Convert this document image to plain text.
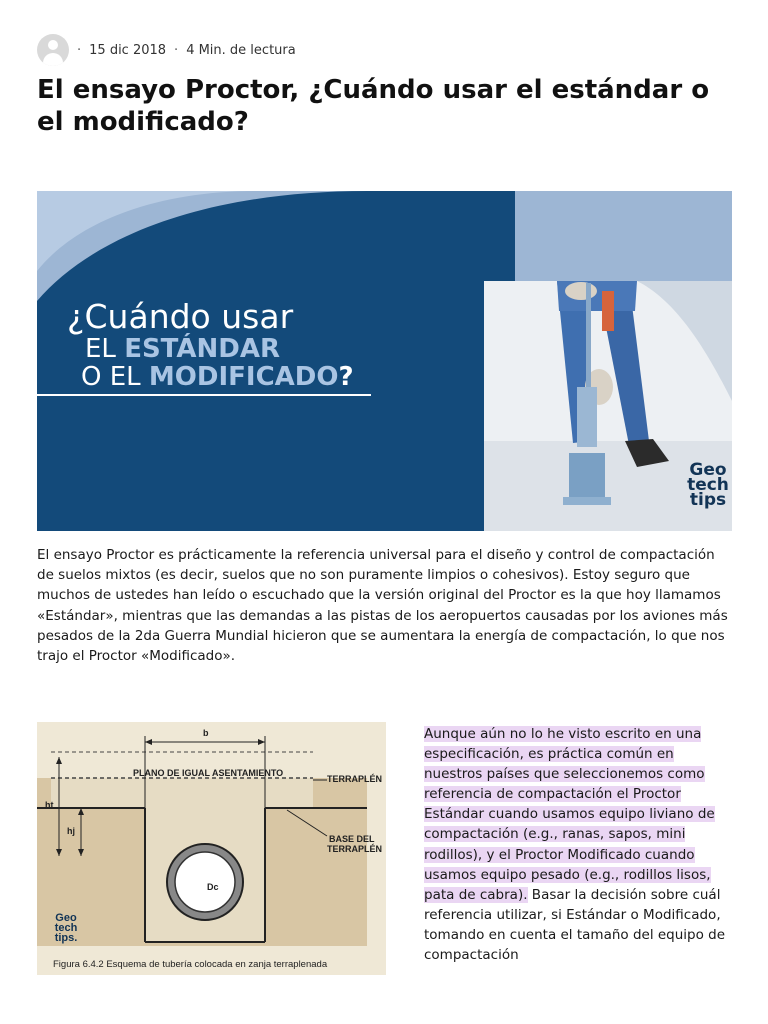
· 15 dic 2018 · 4 Min. de lectura
El ensayo Proctor, ¿Cuándo usar el estándar o el modificado?
¿Cuándo usar
EL ESTÁNDAR
O EL MODIFICADO?
Geo
tech
tips

El ensayo Proctor es prácticamente la referencia universal para el diseño y control de compactación de suelos mixtos (es decir, suelos que no son puramente limpios o cohesivos). Estoy seguro que muchos de ustedes han leído o escuchado que la versión original del Proctor es la que hoy llamamos «Estándar», mientras que las demandas a las pistas de los aeropuertos causadas por los aviones más pesados de la 2da Guerra Mundial hicieron que se aumentara la energía de compactación, lo que nos trajo el Proctor «Modificado».

b
PLANO DE IGUAL ASENTAMIENTO
TERRAPLÉN
BASE DEL
TERRAPLÉN
ht
hj
Dc
Geo
tech
tips.
Figura 6.4.2 Esquema de tubería colocada en zanja terraplenada

Aunque aún no lo he visto escrito en una especificación, es práctica común en nuestros países que seleccionemos como referencia de compactación el Proctor Estándar cuando usamos equipo liviano de compactación (e.g., ranas, sapos, mini rodillos), y el Proctor Modificado cuando usamos equipo pesado (e.g., rodillos lisos, pata de cabra). Basar la decisión sobre cuál referencia utilizar, si Estándar o Modificado, tomando en cuenta el tamaño del equipo de compactación
